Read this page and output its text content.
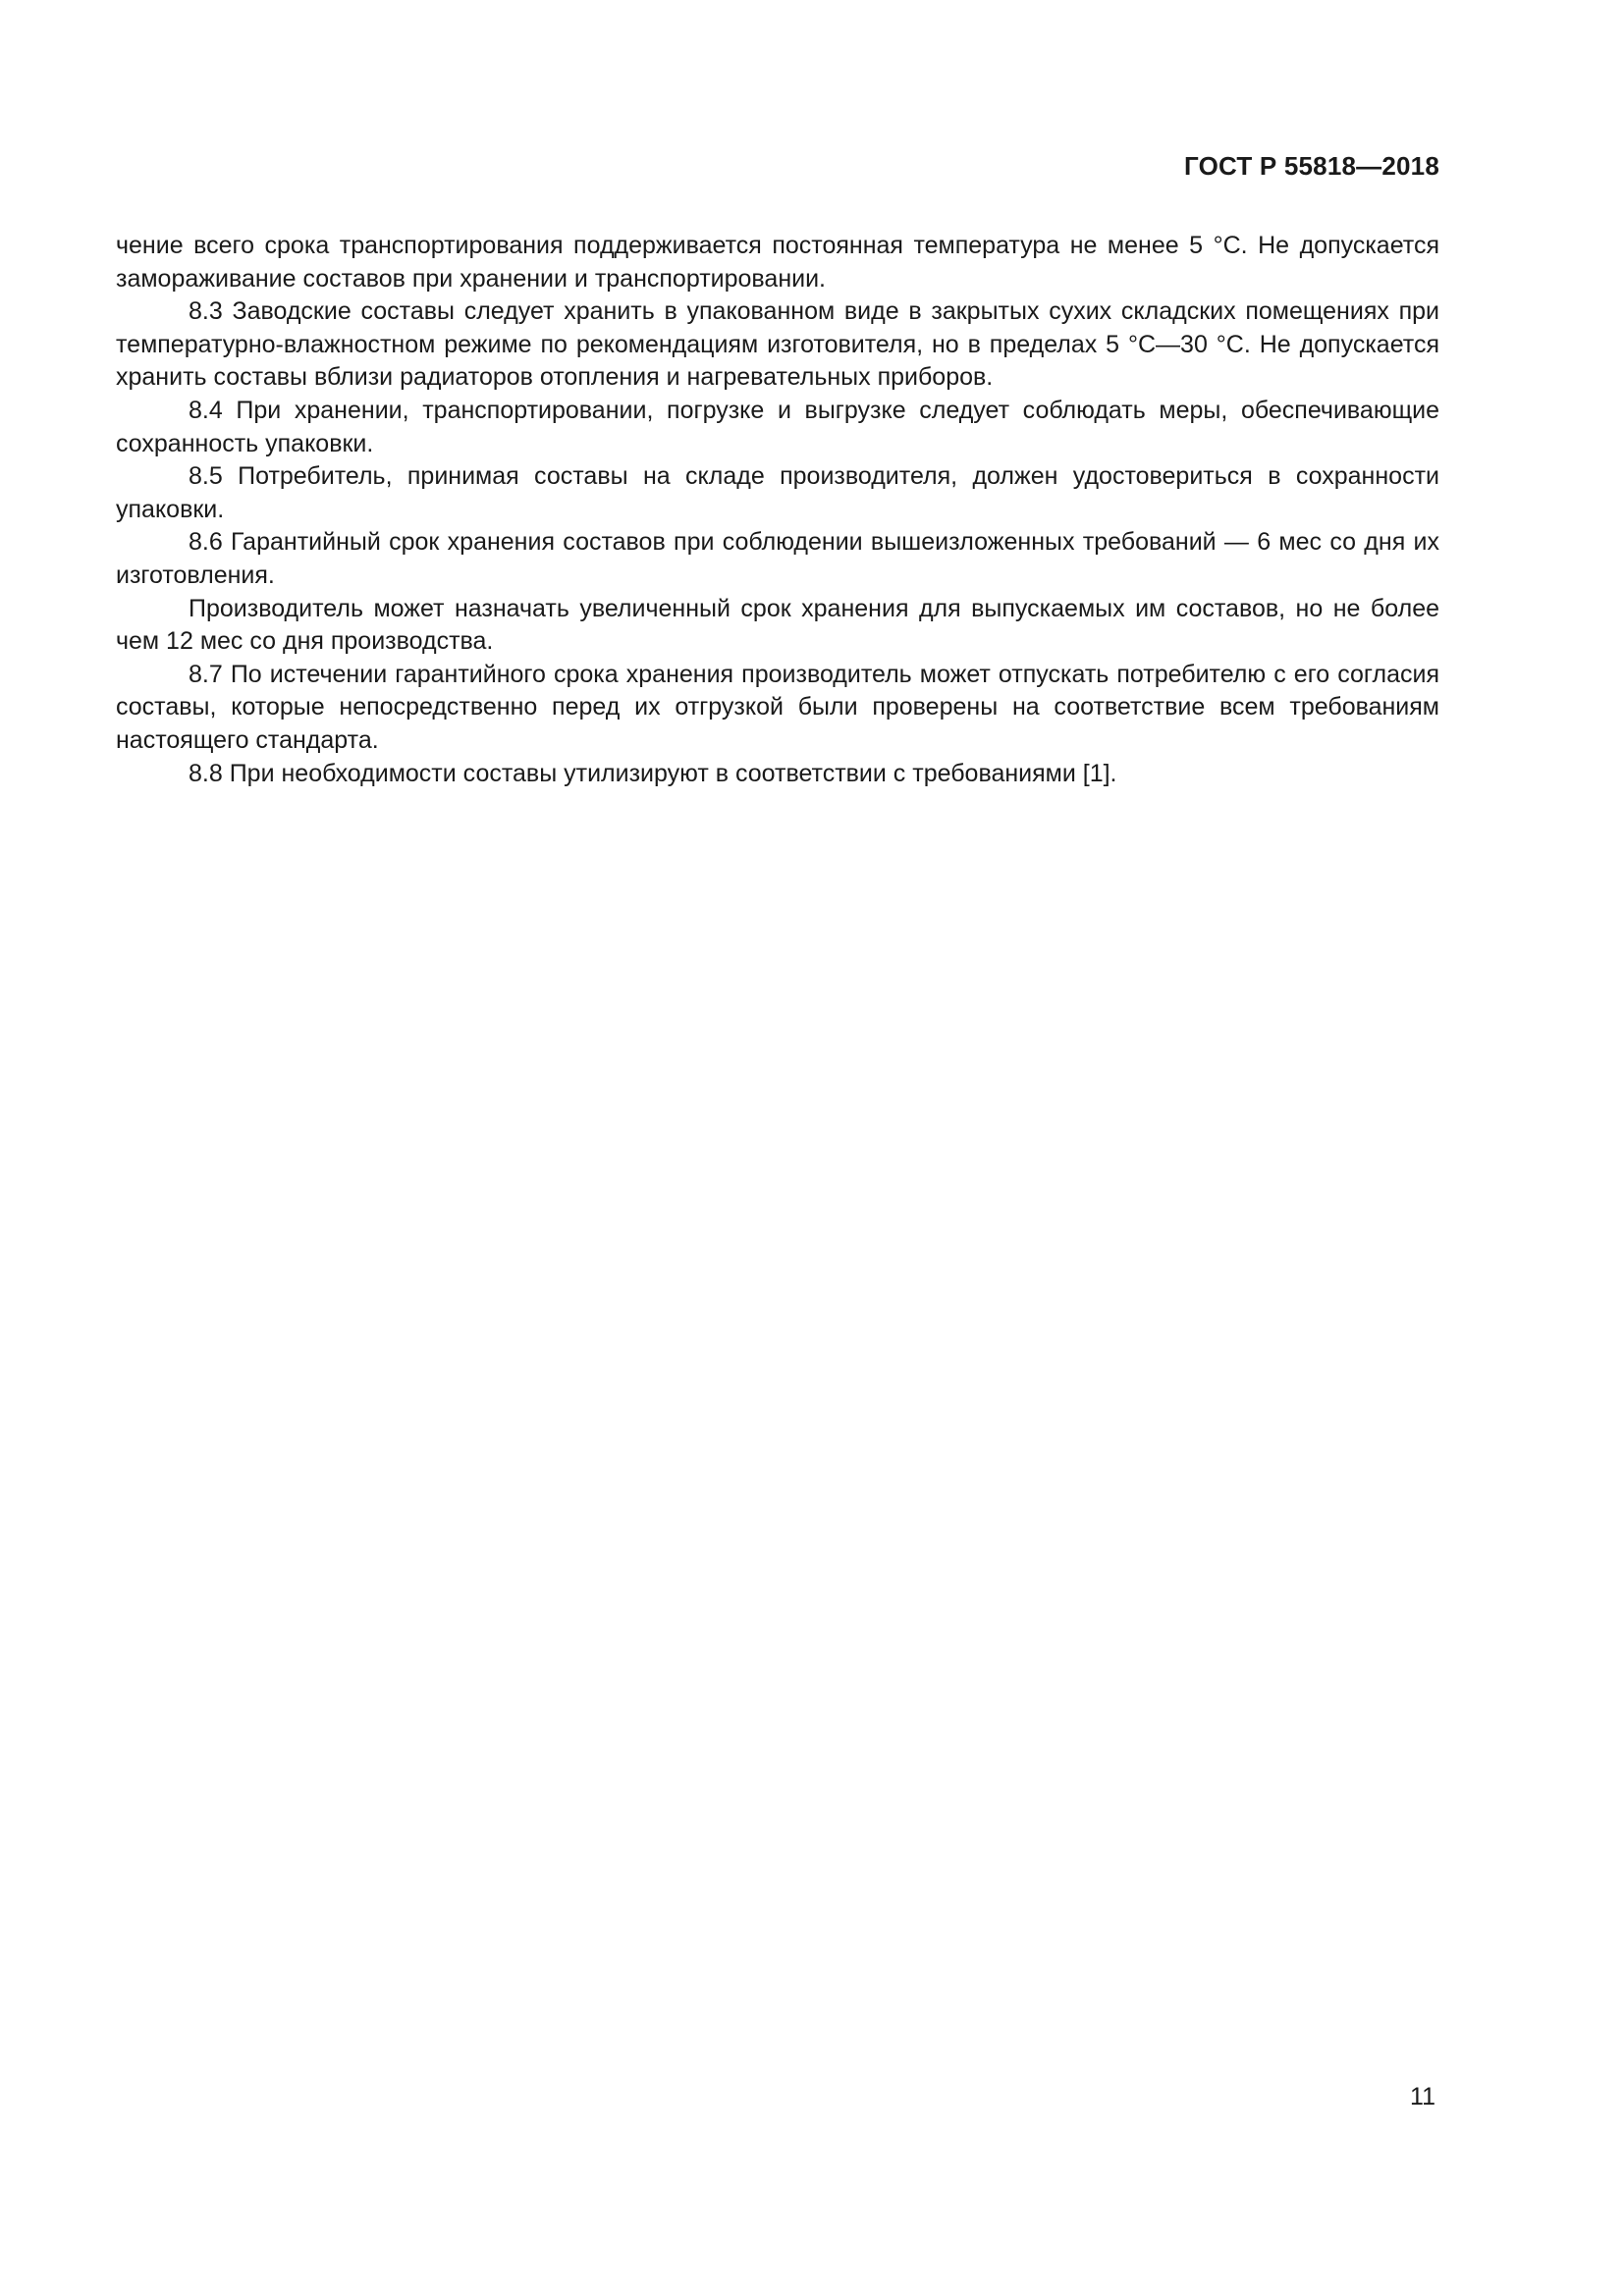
ГОСТ Р 55818—2018

чение всего срока транспортирования поддерживается постоянная температура не менее 5 °С. Не допускается замораживание составов при хранении и транспортировании.

8.3 Заводские составы следует хранить в упакованном виде в закрытых сухих складских помещениях при температурно-влажностном режиме по рекомендациям изготовителя, но в пределах 5 °С—30 °С. Не допускается хранить составы вблизи радиаторов отопления и нагревательных приборов.

8.4 При хранении, транспортировании, погрузке и выгрузке следует соблюдать меры, обеспечивающие сохранность упаковки.

8.5 Потребитель, принимая составы на складе производителя, должен удостовериться в сохранности упаковки.

8.6 Гарантийный срок хранения составов при соблюдении вышеизложенных требований — 6 мес со дня их изготовления.

Производитель может назначать увеличенный срок хранения для выпускаемых им составов, но не более чем 12 мес со дня производства.

8.7 По истечении гарантийного срока хранения производитель может отпускать потребителю с его согласия составы, которые непосредственно перед их отгрузкой были проверены на соответствие всем требованиям настоящего стандарта.

8.8 При необходимости составы утилизируют в соответствии с требованиями [1].

11
